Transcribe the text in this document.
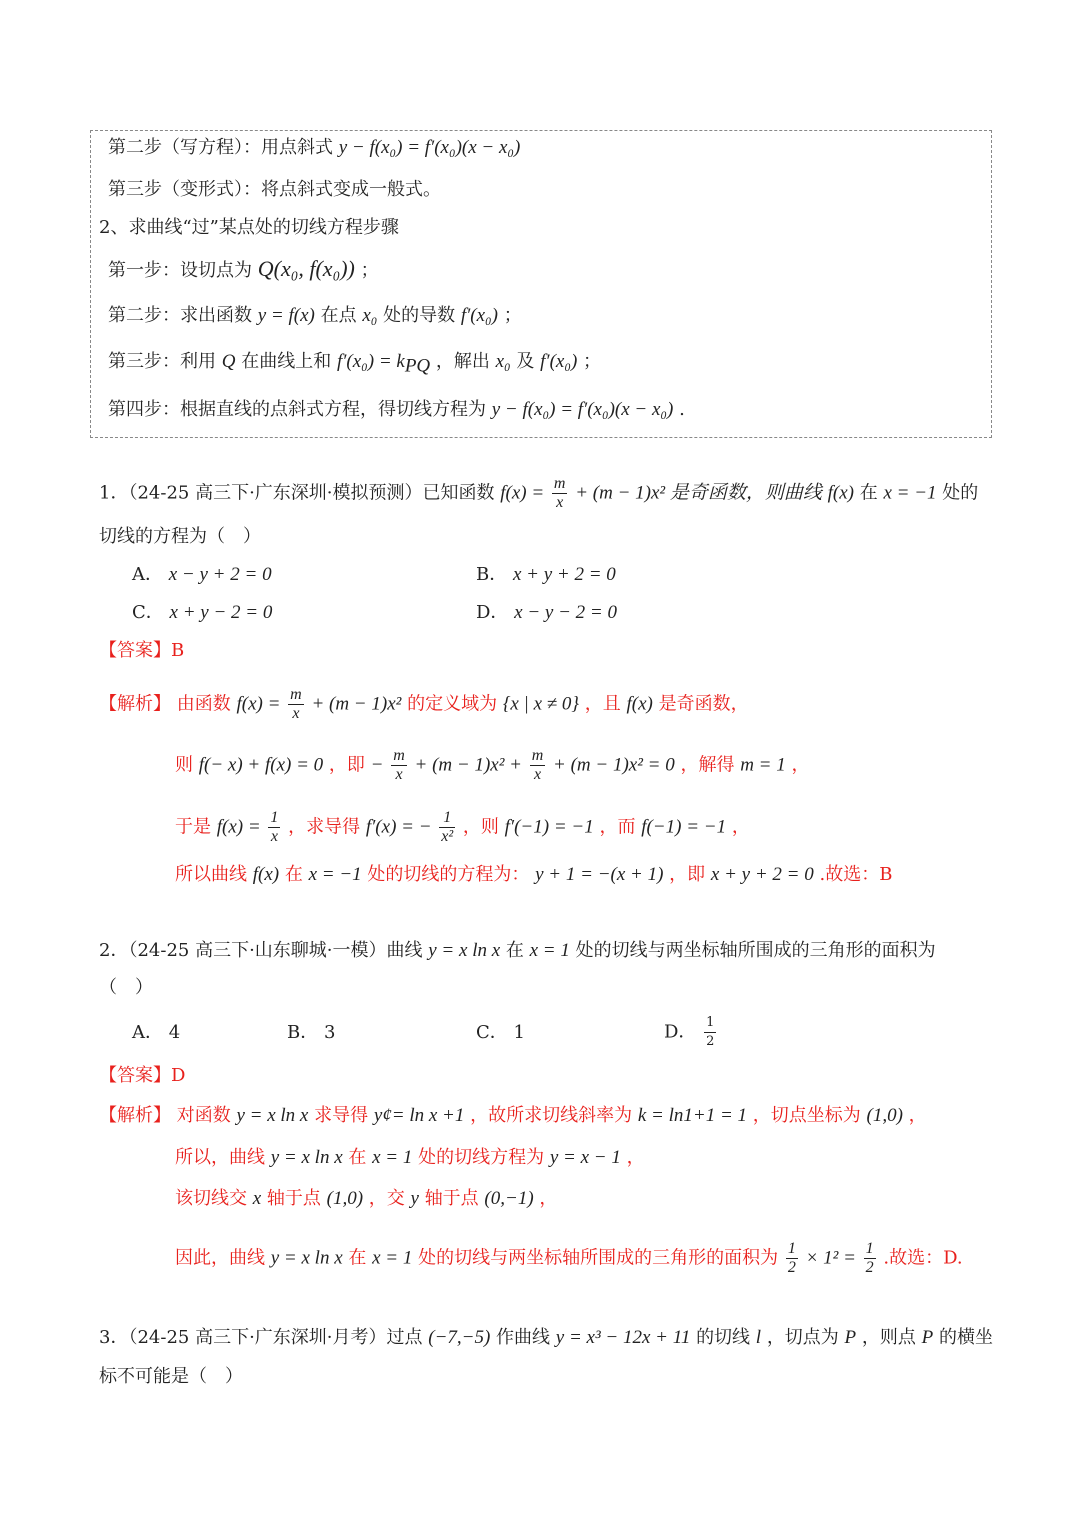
第二步（写方程）：用点斜式 y − f(x₀) = f′(x₀)(x − x₀)
第三步（变形式）：将点斜式变成一般式。
2、求曲线“过”某点处的切线方程步骤
第一步：设切点为 Q(x₀, f(x₀)) ；
第二步：求出函数 y = f(x) 在点 x₀ 处的导数 f′(x₀) ；
第三步：利用 Q 在曲线上和 $f'(x_0) = k_{PQ}$ ，解出 x₀ 及 f′(x₀) ；
第四步：根据直线的点斜式方程，得切线方程为 y − f(x₀) = f′(x₀)(x − x₀) .
1．（24-25 高三下·广东深圳·模拟预测）已知函数 $f(x) = \frac{m}{x} + (m - 1)x^2$ 是奇函数，则曲线 f(x) 在 x = −1 处的
切线的方程为（　）
A． x − y + 2 = 0	B． x + y + 2 = 0
C． x + y − 2 = 0	D． x − y − 2 = 0
【答案】B
【解析】 由函数 $f(x) = \frac{m}{x} + (m - 1)x^2$ 的定义域为 {x | x ≠ 0} ，且 f(x) 是奇函数，
则 f(− x) + f(x) = 0 ，即 − $\frac{m}{x} + (m - 1)x^2 + \frac{m}{x} + (m - 1)x^2 = 0$ ，解得 m = 1 ，
于是 $f(x) = \frac{1}{x}$ ，求导得 f′(x) = − $\frac{1}{\text{x²}}$ ，则 f′(−1) = −1 ，而 f(−1) = −1 ，
所以曲线 f(x) 在 x = −1 处的切线的方程为： y + 1 = −(x + 1) ，即 x + y + 2 = 0 .故选：B
2．（24-25 高三下·山东聊城·一模）曲线 y = x ln x 在 x = 1 处的切线与两坐标轴所围成的三角形的面积为
（　）
A． 4	B． 3	C． 1	D． $\frac{1}{2}$
【答案】D
【解析】 对函数 y = x ln x 求导得 y¢= ln x +1 ，故所求切线斜率为 k = ln1+1 = 1 ，切点坐标为 (1,0) ，
所以，曲线 y = x ln x 在 x = 1 处的切线方程为 y = x − 1 ，
该切线交 x 轴于点 (1,0) ，交 y 轴于点 (0,−1) ，
因此，曲线 y = x ln x 在 x = 1 处的切线与两坐标轴所围成的三角形的面积为 $\frac{1}{2} \times 1^2 = \frac{1}{2}$ .故选：D.
3．（24-25 高三下·广东深圳·月考）过点 (−7,−5) 作曲线 y = x³ − 12x + 11 的切线 l ，切点为 P ，则点 P 的横坐
标不可能是（　）
